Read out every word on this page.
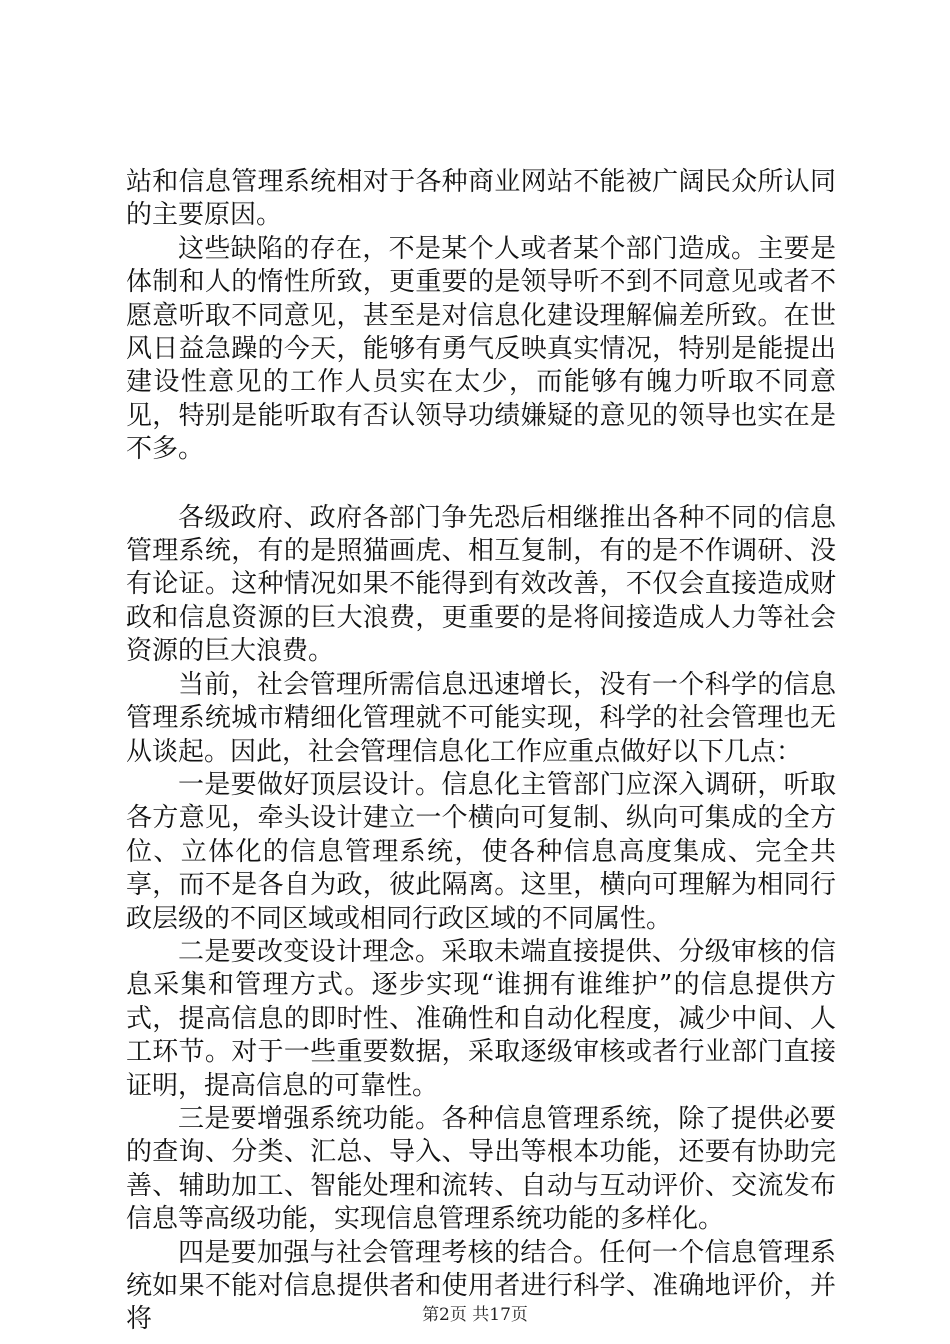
站和信息管理系统相对于各种商业网站不能被广阔民众所认同的主要原因。

这些缺陷的存在，不是某个人或者某个部门造成。主要是体制和人的惰性所致，更重要的是领导听不到不同意见或者不愿意听取不同意见，甚至是对信息化建设理解偏差所致。在世风日益急躁的今天，能够有勇气反映真实情况，特别是能提出建设性意见的工作人员实在太少，而能够有魄力听取不同意见，特别是能听取有否认领导功绩嫌疑的意见的领导也实在是不多。

各级政府、政府各部门争先恐后相继推出各种不同的信息管理系统，有的是照猫画虎、相互复制，有的是不作调研、没有论证。这种情况如果不能得到有效改善，不仅会直接造成财政和信息资源的巨大浪费，更重要的是将间接造成人力等社会资源的巨大浪费。

当前，社会管理所需信息迅速增长，没有一个科学的信息管理系统城市精细化管理就不可能实现，科学的社会管理也无从谈起。因此，社会管理信息化工作应重点做好以下几点：

一是要做好顶层设计。信息化主管部门应深入调研，听取各方意见，牵头设计建立一个横向可复制、纵向可集成的全方位、立体化的信息管理系统，使各种信息高度集成、完全共享，而不是各自为政，彼此隔离。这里，横向可理解为相同行政层级的不同区域或相同行政区域的不同属性。

二是要改变设计理念。采取未端直接提供、分级审核的信息采集和管理方式。逐步实现“谁拥有谁维护”的信息提供方式，提高信息的即时性、准确性和自动化程度，减少中间、人工环节。对于一些重要数据，采取逐级审核或者行业部门直接证明，提高信息的可靠性。

三是要增强系统功能。各种信息管理系统，除了提供必要的查询、分类、汇总、导入、导出等根本功能，还要有协助完善、辅助加工、智能处理和流转、自动与互动评价、交流发布信息等高级功能，实现信息管理系统功能的多样化。

四是要加强与社会管理考核的结合。任何一个信息管理系统如果不能对信息提供者和使用者进行科学、准确地评价，并将	第2页 共17页
